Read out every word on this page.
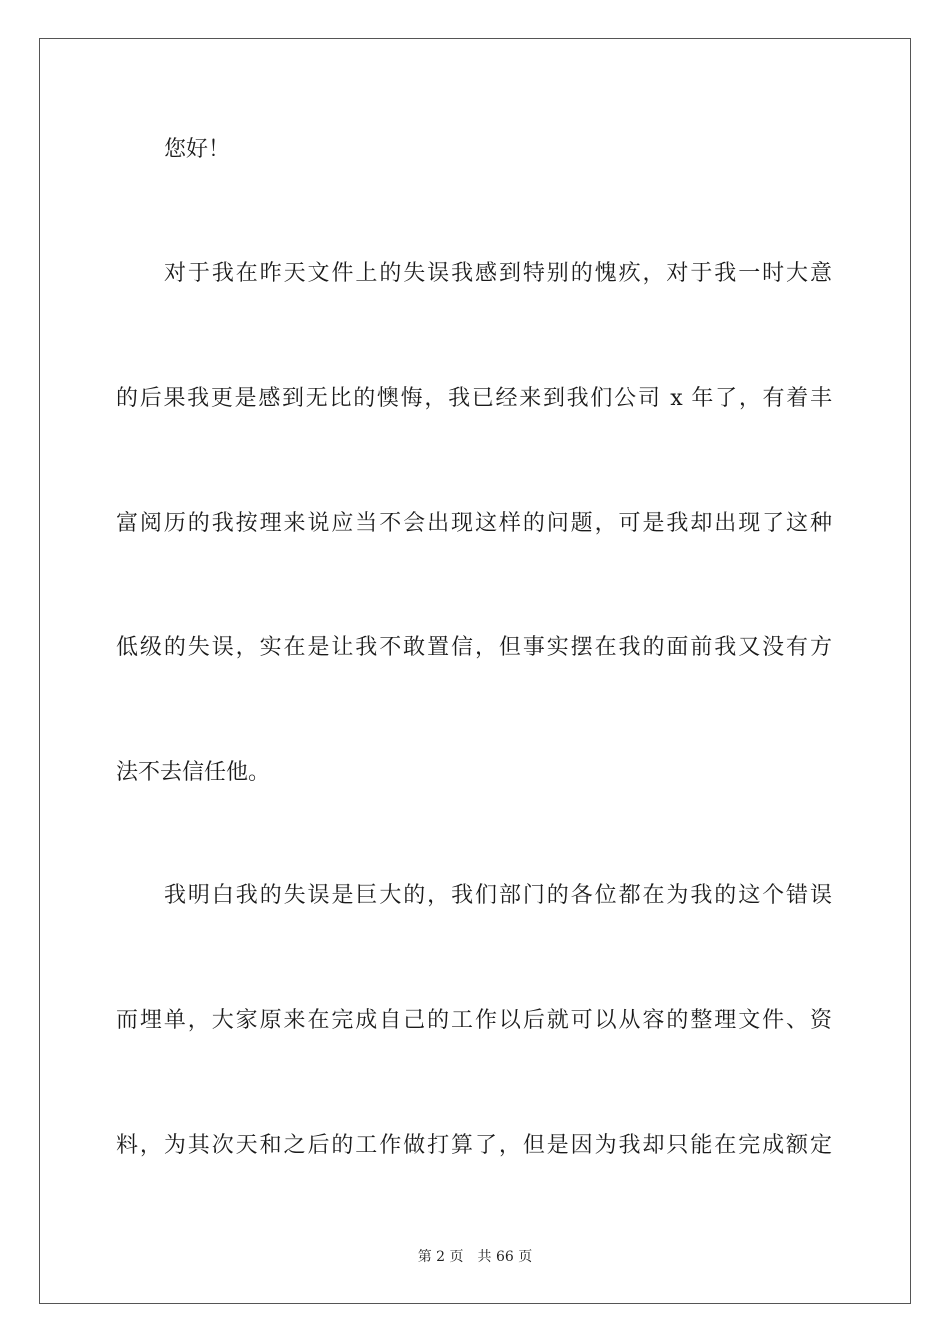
您好！
对于我在昨天文件上的失误我感到特别的愧疚，对于我一时大意
的后果我更是感到无比的懊悔，我已经来到我们公司 x 年了，有着丰
富阅历的我按理来说应当不会出现这样的问题，可是我却出现了这种
低级的失误，实在是让我不敢置信，但事实摆在我的面前我又没有方
法不去信任他。
我明白我的失误是巨大的，我们部门的各位都在为我的这个错误
而埋单，大家原来在完成自己的工作以后就可以从容的整理文件、资
料，为其次天和之后的工作做打算了，但是因为我却只能在完成额定
第 2 页 共 66 页
